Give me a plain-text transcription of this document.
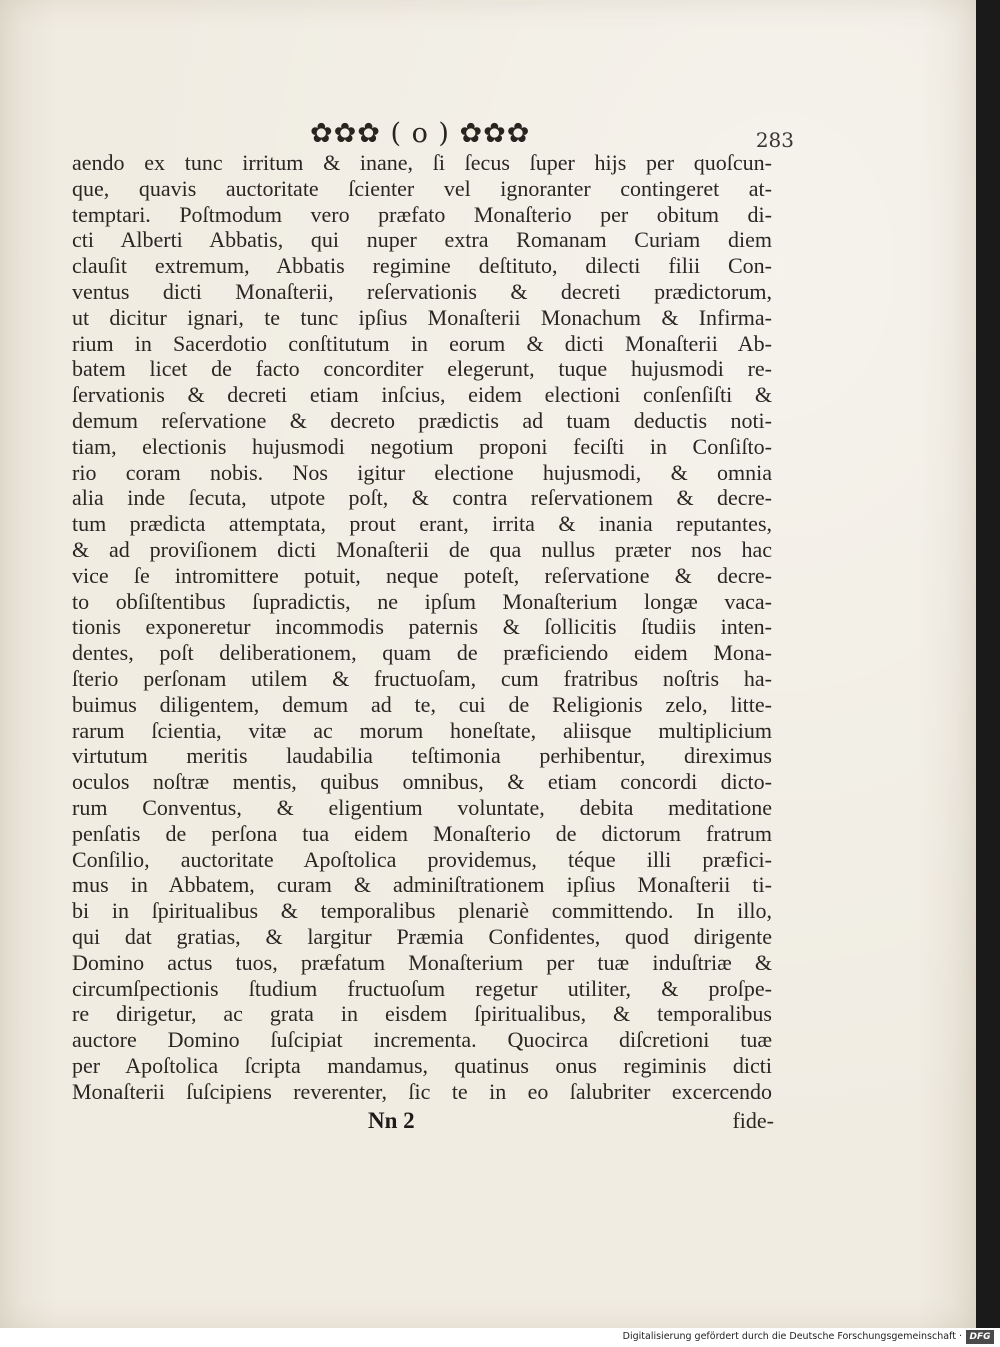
✿✿✿ ( o ) ✿✿✿	283
aendo ex tunc irritum & inane, ſi ſecus ſuper hijs per quoſcun-
que, quavis auctoritate ſcienter vel ignoranter contingeret at-
temptari. Poſtmodum vero præfato Monaſterio per obitum di-
cti Alberti Abbatis, qui nuper extra Romanam Curiam diem
clauſit extremum, Abbatis regimine deſtituto, dilecti filii Con-
ventus dicti Monaſterii, reſervationis & decreti prædictorum,
ut dicitur ignari, te tunc ipſius Monaſterii Monachum & Infirma-
rium in Sacerdotio conſtitutum in eorum & dicti Monaſterii Ab-
batem licet de facto concorditer elegerunt, tuque hujusmodi re-
ſervationis & decreti etiam inſcius, eidem electioni conſenſiſti &
demum reſervatione & decreto prædictis ad tuam deductis noti-
tiam, electionis hujusmodi negotium proponi feciſti in Conſiſto-
rio coram nobis. Nos igitur electione hujusmodi, & omnia
alia inde ſecuta, utpote poſt, & contra reſervationem & decre-
tum prædicta attemptata, prout erant, irrita & inania reputantes,
& ad proviſionem dicti Monaſterii de qua nullus præter nos hac
vice ſe intromittere potuit, neque poteſt, reſervatione & decre-
to obſiſtentibus ſupradictis, ne ipſum Monaſterium longæ vaca-
tionis exponeretur incommodis paternis & ſollicitis ſtudiis inten-
dentes, poſt deliberationem, quam de præficiendo eidem Mona-
ſterio perſonam utilem & fructuoſam, cum fratribus noſtris ha-
buimus diligentem, demum ad te, cui de Religionis zelo, litte-
rarum ſcientia, vitæ ac morum honeſtate, aliisque multiplicium
virtutum meritis laudabilia teſtimonia perhibentur, direximus
oculos noſtræ mentis, quibus omnibus, & etiam concordi dicto-
rum Conventus, & eligentium voluntate, debita meditatione
penſatis de perſona tua eidem Monaſterio de dictorum fratrum
Conſilio, auctoritate Apoſtolica providemus, téque illi præfici-
mus in Abbatem, curam & adminiſtrationem ipſius Monaſterii ti-
bi in ſpiritualibus & temporalibus plenariè committendo. In illo,
qui dat gratias, & largitur Præmia Confidentes, quod dirigente
Domino actus tuos, præfatum Monaſterium per tuæ induſtriæ &
circumſpectionis ſtudium fructuoſum regetur utiliter, & proſpe-
re dirigetur, ac grata in eisdem ſpiritualibus, & temporalibus
auctore Domino ſuſcipiat incrementa. Quocirca diſcretioni tuæ
per Apoſtolica ſcripta mandamus, quatinus onus regiminis dicti
Monaſterii ſuſcipiens reverenter, ſic te in eo ſalubriter excercendo
Nn 2	fide-
Digitalisierung gefördert durch die Deutsche Forschungsgemeinschaft · DFG
